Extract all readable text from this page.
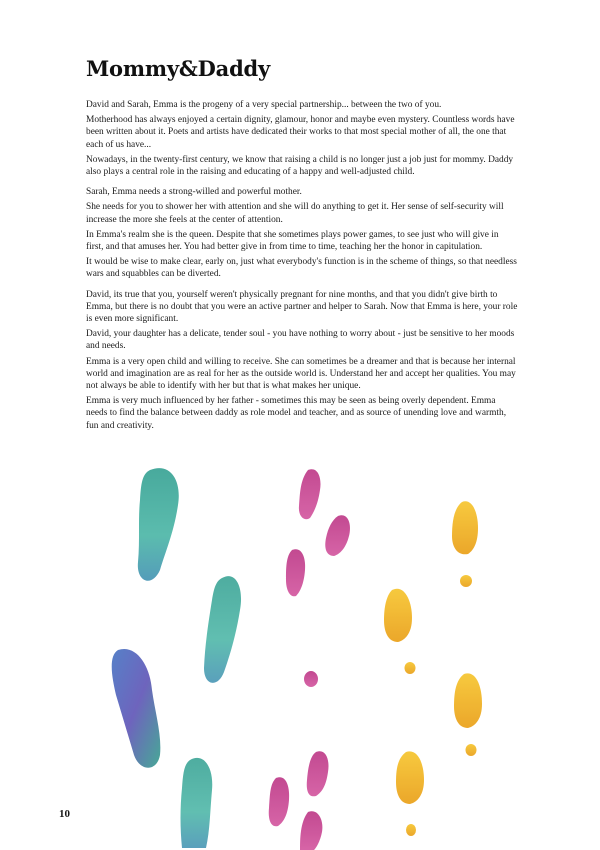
Mommy&Daddy

David and Sarah, Emma is the progeny of a very special partnership... between the two of you.

Motherhood has always enjoyed a certain dignity, glamour, honor and maybe even mystery. Countless words have been written about it. Poets and artists have dedicated their works to that most special mother of all, the one that each of us have...

Nowadays, in the twenty-first century, we know that raising a child is no longer just a job just for mommy. Daddy also plays a central role in the raising and educating of a happy and well-adjusted child.

Sarah, Emma needs a strong-willed and powerful mother.

She needs for you to shower her with attention and she will do anything to get it. Her sense of self-security will increase the more she feels at the center of attention.

In Emma's realm she is the queen. Despite that she sometimes plays power games, to see just who will give in first, and that amuses her. You had better give in from time to time, teaching her the honor in capitulation.

It would be wise to make clear, early on, just what everybody's function is in the scheme of things, so that needless wars and squabbles can be diverted.

David, its true that you, yourself weren't physically pregnant for nine months, and that you didn't give birth to Emma, but there is no doubt that you were an active partner and helper to Sarah. Now that Emma is here, your role is even more significant.

David, your daughter has a delicate, tender soul - you have nothing to worry about - just be sensitive to her moods and needs.

Emma is a very open child and willing to receive. She can sometimes be a dreamer and that is because her internal world and imagination are as real for her as the outside world is. Understand her and accept her qualities. You may not always be able to identify with her but that is what makes her unique.

Emma is very much influenced by her father - sometimes this may be seen as being overly dependent. Emma needs to find the balance between daddy as role model and teacher, and as source of unending love and warmth, fun and creativity.

10
